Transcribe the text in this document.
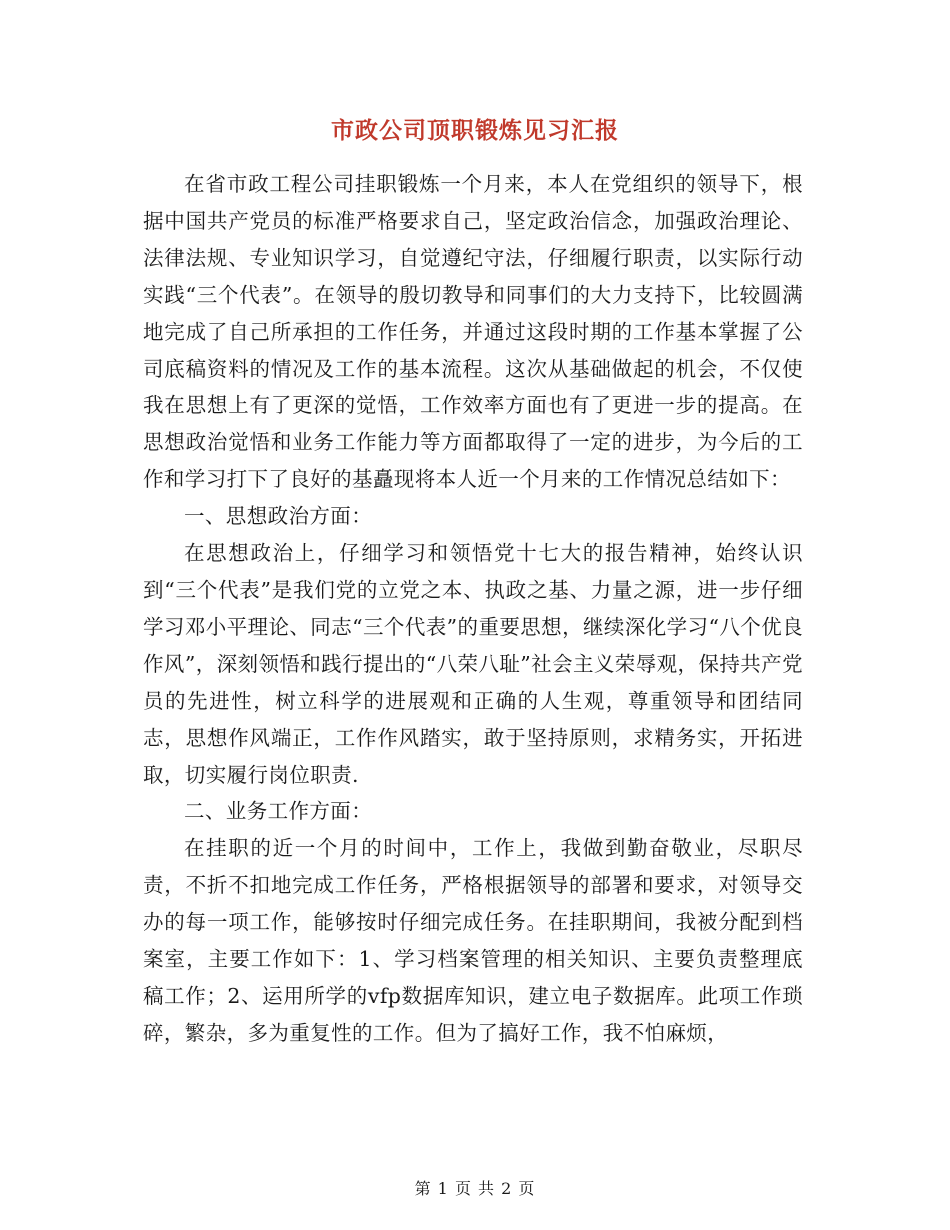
市政公司顶职锻炼见习汇报

在省市政工程公司挂职锻炼一个月来，本人在党组织的领导下，根据中国共产党员的标准严格要求自己，坚定政治信念，加强政治理论、法律法规、专业知识学习，自觉遵纪守法，仔细履行职责，以实际行动实践“三个代表”。在领导的殷切教导和同事们的大力支持下，比较圆满地完成了自己所承担的工作任务，并通过这段时期的工作基本掌握了公司底稿资料的情况及工作的基本流程。这次从基础做起的机会，不仅使我在思想上有了更深的觉悟，工作效率方面也有了更进一步的提高。在思想政治觉悟和业务工作能力等方面都取得了一定的进步，为今后的工作和学习打下了良好的基矗现将本人近一个月来的工作情况总结如下：

一、思想政治方面：

在思想政治上，仔细学习和领悟党十七大的报告精神，始终认识到“三个代表”是我们党的立党之本、执政之基、力量之源，进一步仔细学习邓小平理论、同志“三个代表”的重要思想，继续深化学习“八个优良作风”，深刻领悟和践行提出的“八荣八耻”社会主义荣辱观，保持共产党员的先进性，树立科学的进展观和正确的人生观，尊重领导和团结同志，思想作风端正，工作作风踏实，敢于坚持原则，求精务实，开拓进取，切实履行岗位职责.

二、业务工作方面：

在挂职的近一个月的时间中，工作上，我做到勤奋敬业，尽职尽责，不折不扣地完成工作任务，严格根据领导的部署和要求，对领导交办的每一项工作，能够按时仔细完成任务。在挂职期间，我被分配到档案室，主要工作如下：1、学习档案管理的相关知识、主要负责整理底稿工作；2、运用所学的vfp数据库知识，建立电子数据库。此项工作琐碎，繁杂，多为重复性的工作。但为了搞好工作，我不怕麻烦，

第 1 页 共 2 页
